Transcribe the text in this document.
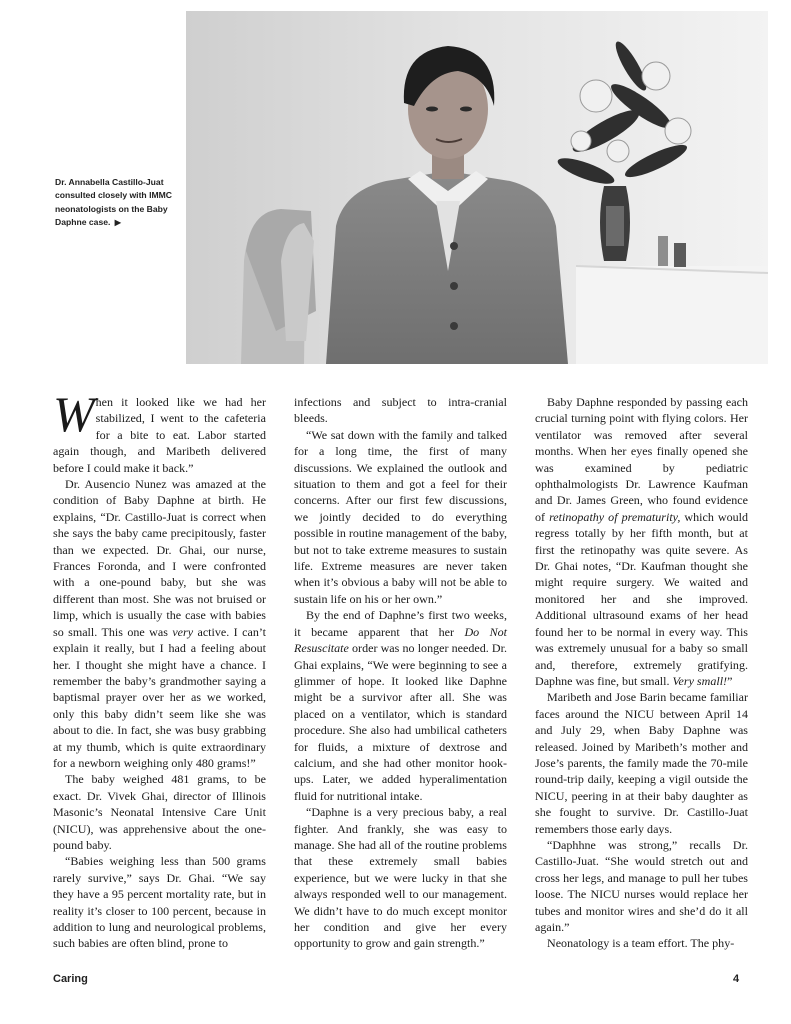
Dr. Annabella Castillo-Juat consulted closely with IMMC neonatologists on the Baby Daphne case. ▶

When it looked like we had her stabilized, I went to the cafeteria for a bite to eat. Labor started again though, and Maribeth delivered before I could make it back.”

Dr. Ausencio Nunez was amazed at the condition of Baby Daphne at birth. He explains, “Dr. Castillo-Juat is correct when she says the baby came precipitously, faster than we expected. Dr. Ghai, our nurse, Frances Foronda, and I were confronted with a one-pound baby, but she was different than most. She was not bruised or limp, which is usually the case with babies so small. This one was very active. I can’t explain it really, but I had a feeling about her. I thought she might have a chance. I remember the baby’s grandmother saying a baptismal prayer over her as we worked, only this baby didn’t seem like she was about to die. In fact, she was busy grabbing at my thumb, which is quite extraordinary for a newborn weighing only 480 grams!”

The baby weighed 481 grams, to be exact. Dr. Vivek Ghai, director of Illinois Masonic’s Neonatal Intensive Care Unit (NICU), was apprehensive about the one-pound baby.

“Babies weighing less than 500 grams rarely survive,” says Dr. Ghai. “We say they have a 95 percent mortality rate, but in reality it’s closer to 100 percent, because in addition to lung and neurological problems, such babies are often blind, prone to

infections and subject to intra-cranial bleeds.

“We sat down with the family and talked for a long time, the first of many discussions. We explained the outlook and situation to them and got a feel for their concerns. After our first few discussions, we jointly decided to do everything possible in routine management of the baby, but not to take extreme measures to sustain life. Extreme measures are never taken when it’s obvious a baby will not be able to sustain life on his or her own.”

By the end of Daphne’s first two weeks, it became apparent that her Do Not Resuscitate order was no longer needed. Dr. Ghai explains, “We were beginning to see a glimmer of hope. It looked like Daphne might be a survivor after all. She was placed on a ventilator, which is standard procedure. She also had umbilical catheters for fluids, a mixture of dextrose and calcium, and she had other monitor hook-ups. Later, we added hyperalimentation fluid for nutritional intake.

“Daphne is a very precious baby, a real fighter. And frankly, she was easy to manage. She had all of the routine problems that these extremely small babies experience, but we were lucky in that she always responded well to our management. We didn’t have to do much except monitor her condition and give her every opportunity to grow and gain strength.”

Baby Daphne responded by passing each crucial turning point with flying colors. Her ventilator was removed after several months. When her eyes finally opened she was examined by pediatric ophthalmologists Dr. Lawrence Kaufman and Dr. James Green, who found evidence of retinopathy of prematurity, which would regress totally by her fifth month, but at first the retinopathy was quite severe. As Dr. Ghai notes, “Dr. Kaufman thought she might require surgery. We waited and monitored her and she improved. Additional ultrasound exams of her head found her to be normal in every way. This was extremely unusual for a baby so small and, therefore, extremely gratifying. Daphne was fine, but small. Very small!”

Maribeth and Jose Barin became familiar faces around the NICU between April 14 and July 29, when Baby Daphne was released. Joined by Maribeth’s mother and Jose’s parents, the family made the 70-mile round-trip daily, keeping a vigil outside the NICU, peering in at their baby daughter as she fought to survive. Dr. Castillo-Juat remembers those early days.

“Daphhne was strong,” recalls Dr. Castillo-Juat. “She would stretch out and cross her legs, and manage to pull her tubes loose. The NICU nurses would replace her tubes and monitor wires and she’d do it all again.”

Neonatology is a team effort. The phy-

Caring	4
